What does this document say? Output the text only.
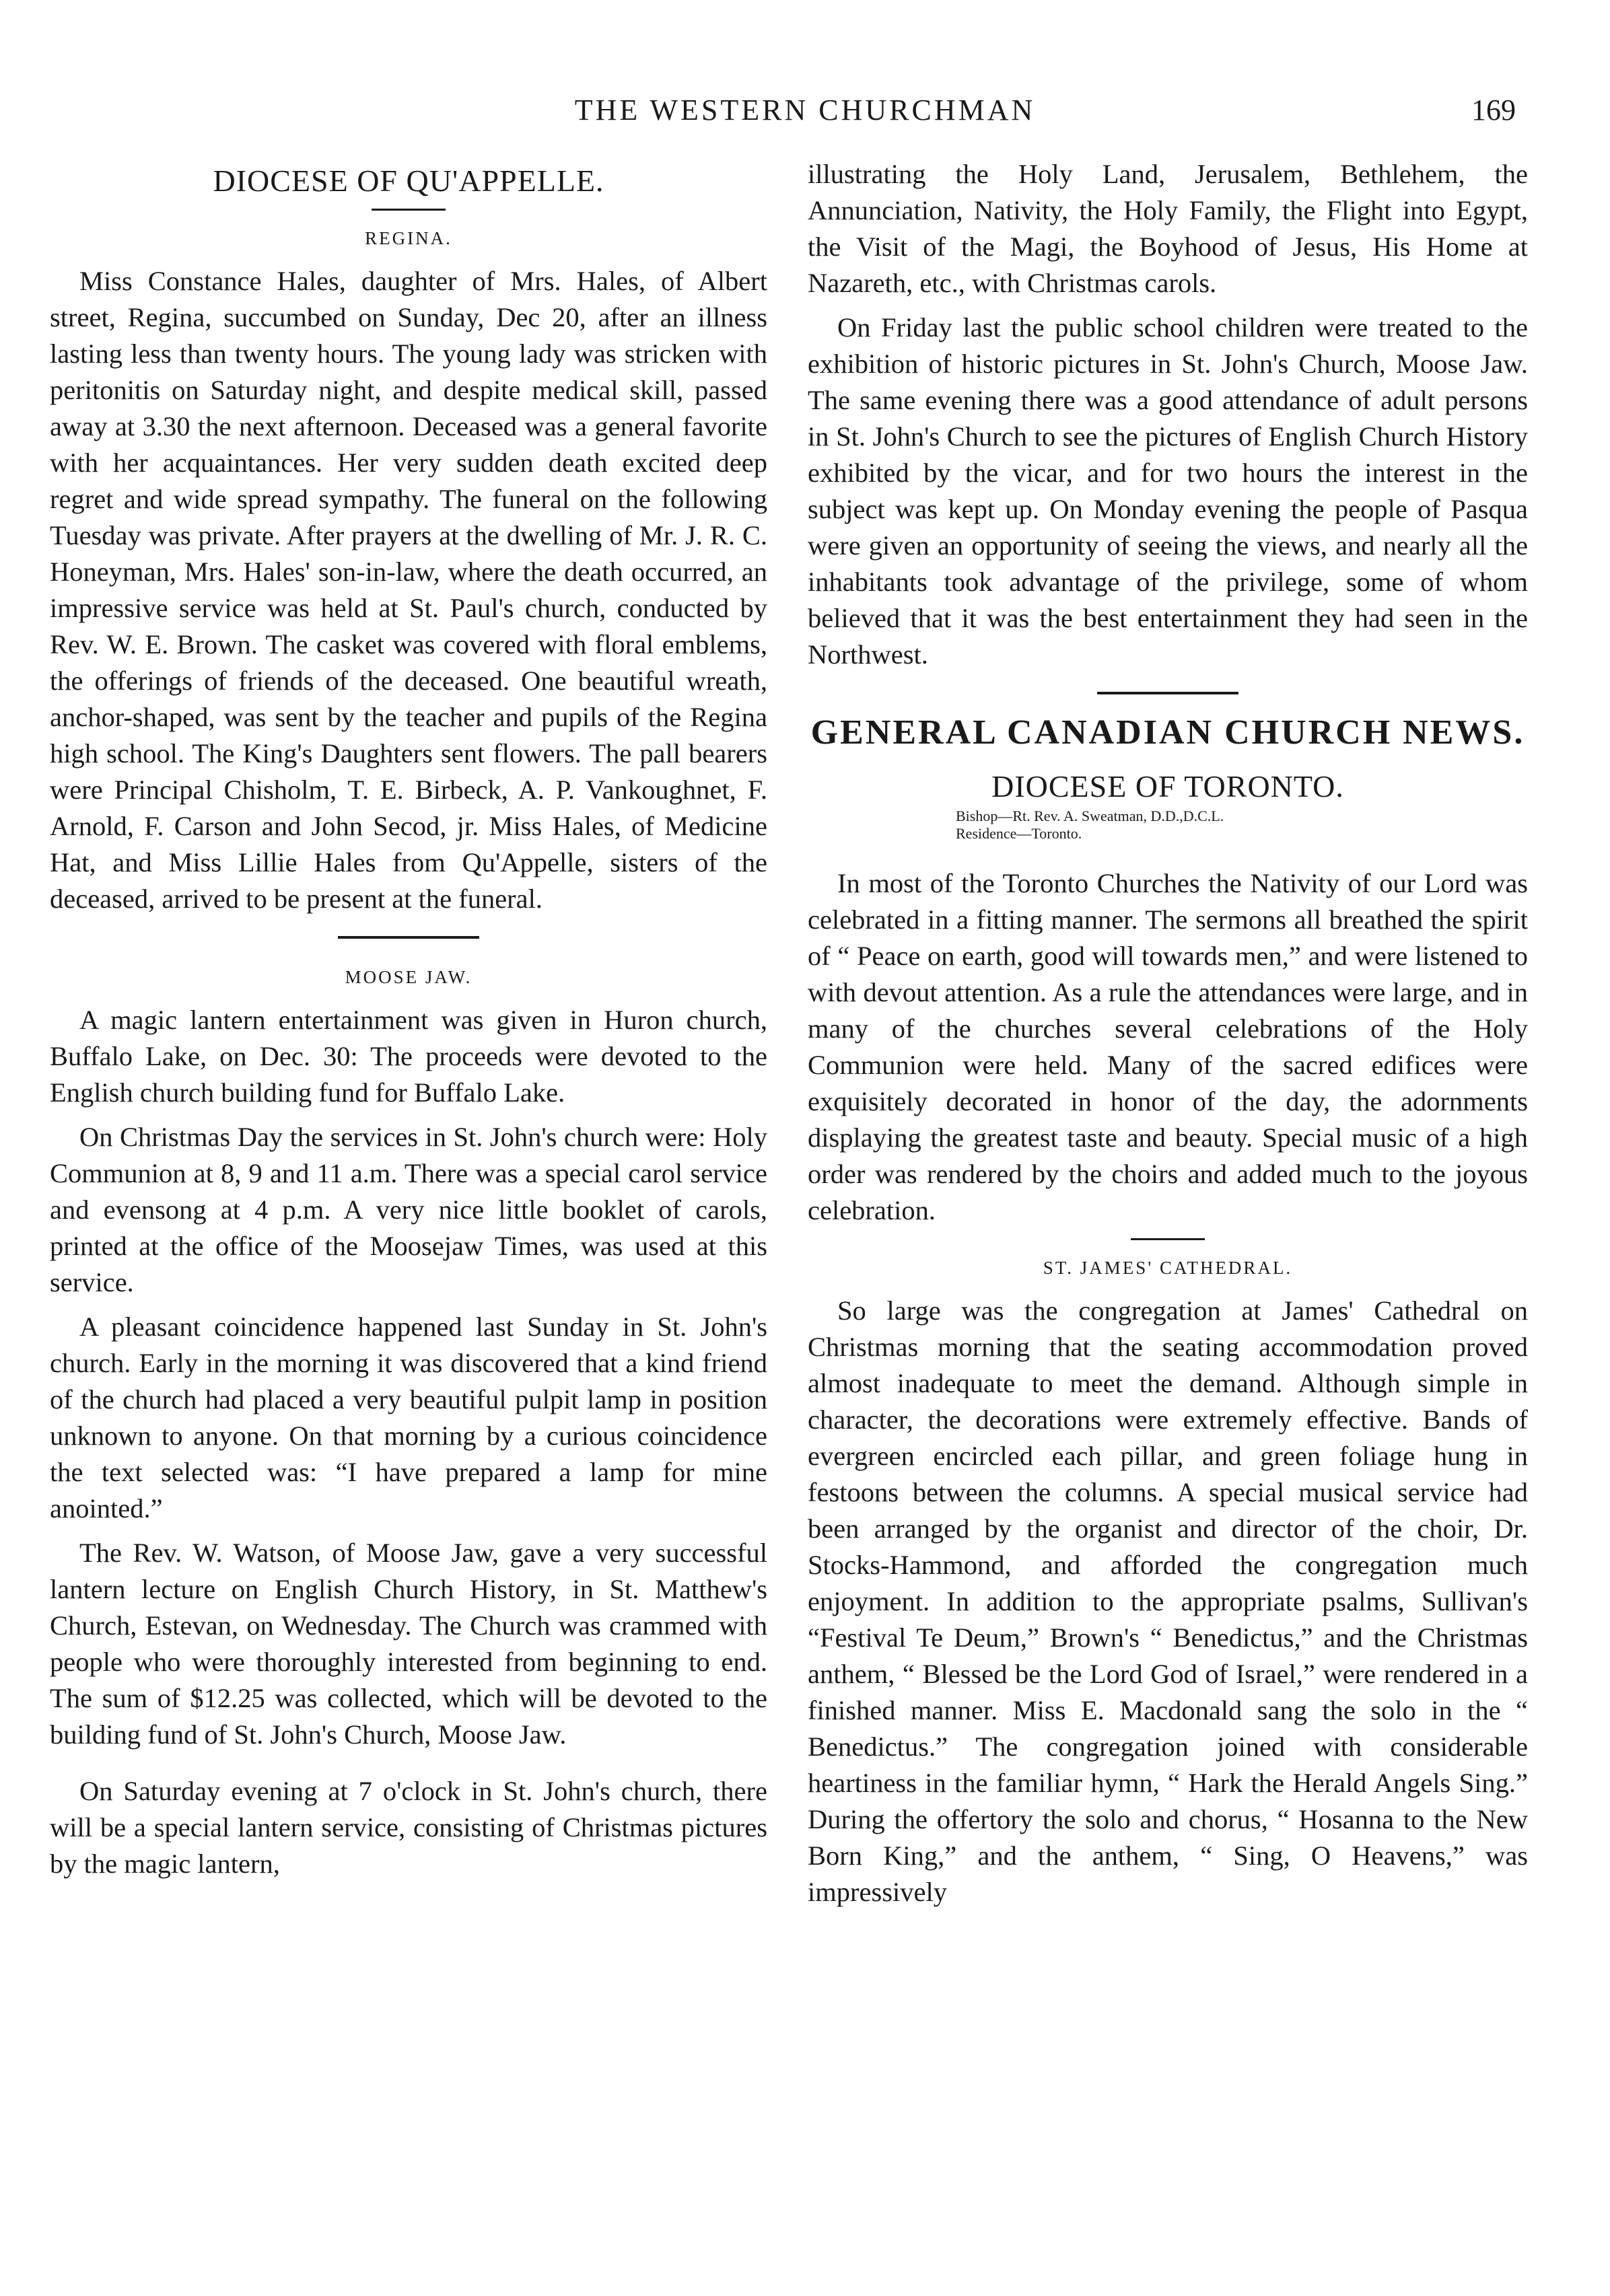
THE WESTERN CHURCHMAN	169
DIOCESE OF QU'APPELLE.
REGINA.

Miss Constance Hales, daughter of Mrs. Hales, of Albert street, Regina, succumbed on Sunday, Dec 20, after an illness lasting less than twenty hours. The young lady was stricken with peritonitis on Saturday night, and despite medical skill, passed away at 3.30 the next afternoon. Deceased was a general favorite with her acquaintances. Her very sudden death excited deep regret and wide spread sympathy. The funeral on the following Tuesday was private. After prayers at the dwelling of Mr. J. R. C. Honeyman, Mrs. Hales' son-in-law, where the death occurred, an impressive service was held at St. Paul's church, conducted by Rev. W. E. Brown. The casket was covered with floral emblems, the offerings of friends of the deceased. One beautiful wreath, anchor-shaped, was sent by the teacher and pupils of the Regina high school. The King's Daughters sent flowers. The pall bearers were Principal Chisholm, T. E. Birbeck, A. P. Vankoughnet, F. Arnold, F. Carson and John Secod, jr. Miss Hales, of Medicine Hat, and Miss Lillie Hales from Qu'Appelle, sisters of the deceased, arrived to be present at the funeral.

MOOSE JAW.

A magic lantern entertainment was given in Huron church, Buffalo Lake, on Dec. 30: The proceeds were devoted to the English church building fund for Buffalo Lake.

On Christmas Day the services in St. John's church were: Holy Communion at 8, 9 and 11 a.m. There was a special carol service and evensong at 4 p.m. A very nice little booklet of carols, printed at the office of the Moosejaw Times, was used at this service.

A pleasant coincidence happened last Sunday in St. John's church. Early in the morning it was discovered that a kind friend of the church had placed a very beautiful pulpit lamp in position unknown to anyone. On that morning by a curious coincidence the text selected was: “I have prepared a lamp for mine anointed.”

The Rev. W. Watson, of Moose Jaw, gave a very successful lantern lecture on English Church History, in St. Matthew's Church, Estevan, on Wednesday. The Church was crammed with people who were thoroughly interested from beginning to end. The sum of $12.25 was collected, which will be devoted to the building fund of St. John's Church, Moose Jaw.

On Saturday evening at 7 o'clock in St. John's church, there will be a special lantern service, consisting of Christmas pictures by the magic lantern,

illustrating the Holy Land, Jerusalem, Bethlehem, the Annunciation, Nativity, the Holy Family, the Flight into Egypt, the Visit of the Magi, the Boyhood of Jesus, His Home at Nazareth, etc., with Christmas carols.

On Friday last the public school children were treated to the exhibition of historic pictures in St. John's Church, Moose Jaw. The same evening there was a good attendance of adult persons in St. John's Church to see the pictures of English Church History exhibited by the vicar, and for two hours the interest in the subject was kept up. On Monday evening the people of Pasqua were given an opportunity of seeing the views, and nearly all the inhabitants took advantage of the privilege, some of whom believed that it was the best entertainment they had seen in the Northwest.

GENERAL CANADIAN CHURCH NEWS.
DIOCESE OF TORONTO.
Bishop—Rt. Rev. A. Sweatman, D.D.,D.C.L.
Residence—Toronto.

In most of the Toronto Churches the Nativity of our Lord was celebrated in a fitting manner. The sermons all breathed the spirit of “ Peace on earth, good will towards men,” and were listened to with devout attention. As a rule the attendances were large, and in many of the churches several celebrations of the Holy Communion were held. Many of the sacred edifices were exquisitely decorated in honor of the day, the adornments displaying the greatest taste and beauty. Special music of a high order was rendered by the choirs and added much to the joyous celebration.

ST. JAMES' CATHEDRAL.

So large was the congregation at James' Cathedral on Christmas morning that the seating accommodation proved almost inadequate to meet the demand. Although simple in character, the decorations were extremely effective. Bands of evergreen encircled each pillar, and green foliage hung in festoons between the columns. A special musical service had been arranged by the organist and director of the choir, Dr. Stocks-Hammond, and afforded the congregation much enjoyment. In addition to the appropriate psalms, Sullivan's “Festival Te Deum,” Brown's “ Benedictus,” and the Christmas anthem, “ Blessed be the Lord God of Israel,” were rendered in a finished manner. Miss E. Macdonald sang the solo in the “ Benedictus.” The congregation joined with considerable heartiness in the familiar hymn, “ Hark the Herald Angels Sing.” During the offertory the solo and chorus, “ Hosanna to the New Born King,” and the anthem, “ Sing, O Heavens,” was impressively
